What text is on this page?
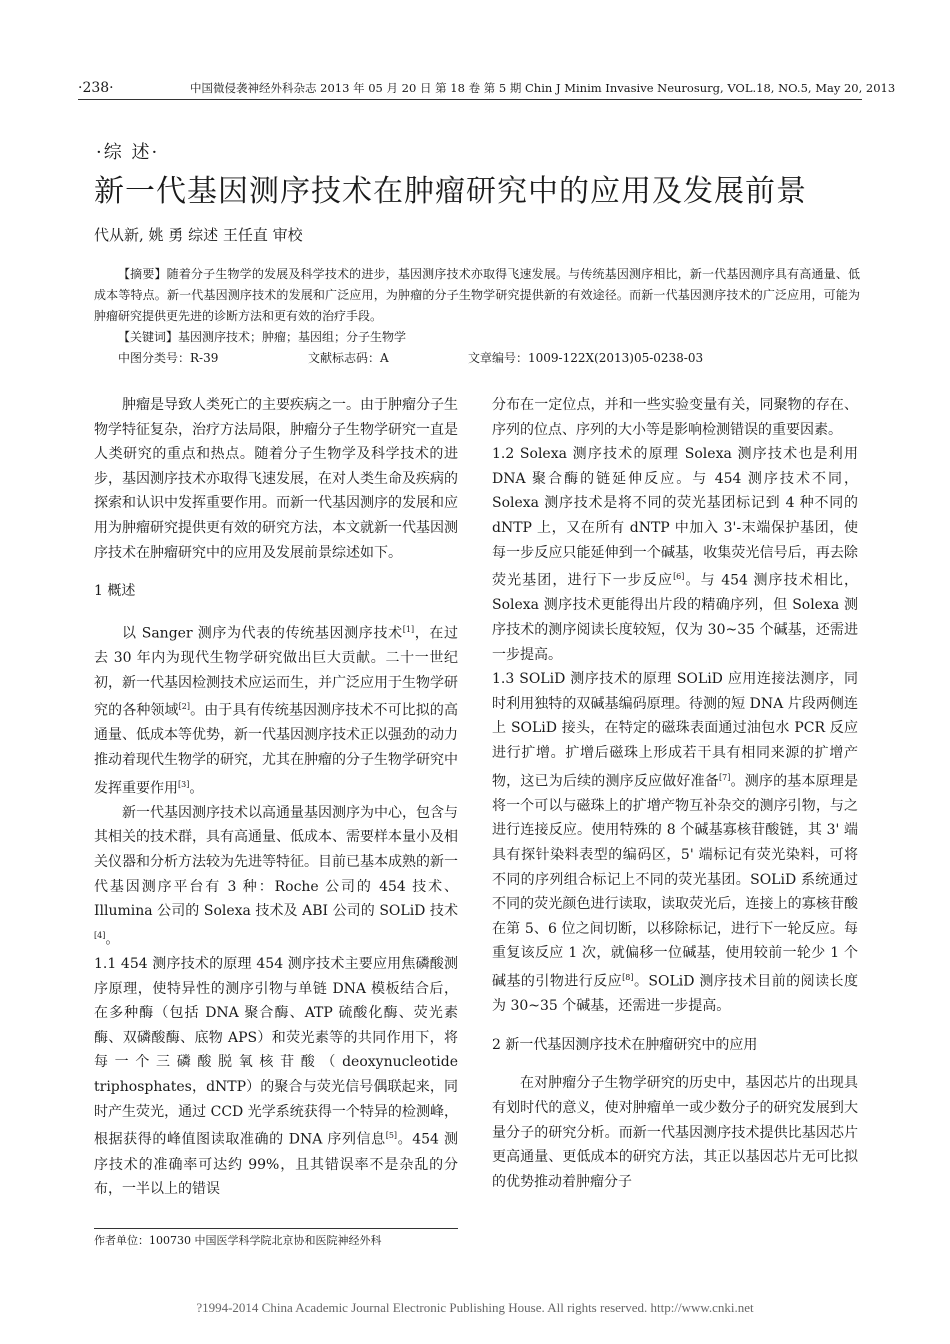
·238·	中国微侵袭神经外科杂志 2013 年 05 月 20 日 第 18 卷 第 5 期 Chin J Minim Invasive Neurosurg, VOL.18, NO.5, May 20, 2013
·综 述·
新一代基因测序技术在肿瘤研究中的应用及发展前景
代从新, 姚 勇 综述 王任直 审校

【摘要】随着分子生物学的发展及科学技术的进步，基因测序技术亦取得飞速发展。与传统基因测序相比，新一代基因测序具有高通量、低成本等特点。新一代基因测序技术的发展和广泛应用，为肿瘤的分子生物学研究提供新的有效途径。而新一代基因测序技术的广泛应用，可能为肿瘤研究提供更先进的诊断方法和更有效的治疗手段。

【关键词】基因测序技术；肿瘤；基因组；分子生物学

中图分类号：R-39	文献标志码：A	文章编号：1009-122X(2013)05-0238-03

肿瘤是导致人类死亡的主要疾病之一。由于肿瘤分子生物学特征复杂，治疗方法局限，肿瘤分子生物学研究一直是人类研究的重点和热点。随着分子生物学及科学技术的进步，基因测序技术亦取得飞速发展，在对人类生命及疾病的探索和认识中发挥重要作用。而新一代基因测序的发展和应用为肿瘤研究提供更有效的研究方法，本文就新一代基因测序技术在肿瘤研究中的应用及发展前景综述如下。

1 概述

以 Sanger 测序为代表的传统基因测序技术[1]，在过去 30 年内为现代生物学研究做出巨大贡献。二十一世纪初，新一代基因检测技术应运而生，并广泛应用于生物学研究的各种领域[2]。由于具有传统基因测序技术不可比拟的高通量、低成本等优势，新一代基因测序技术正以强劲的动力推动着现代生物学的研究，尤其在肿瘤的分子生物学研究中发挥重要作用[3]。

新一代基因测序技术以高通量基因测序为中心，包含与其相关的技术群，具有高通量、低成本、需要样本量小及相关仪器和分析方法较为先进等特征。目前已基本成熟的新一代基因测序平台有 3 种：Roche 公司的 454 技术、Illumina 公司的 Solexa 技术及 ABI 公司的 SOLiD 技术[4]。

1.1 454 测序技术的原理 454 测序技术主要应用焦磷酸测序原理，使特异性的测序引物与单链 DNA 模板结合后，在多种酶（包括 DNA 聚合酶、ATP 硫酸化酶、荧光素酶、双磷酸酶、底物 APS）和荧光素等的共同作用下，将每一个三磷酸脱氧核苷酸（deoxynucleotide triphosphates，dNTP）的聚合与荧光信号偶联起来，同时产生荧光，通过 CCD 光学系统获得一个特异的检测峰，根据获得的峰值图读取准确的 DNA 序列信息[5]。454 测序技术的准确率可达约 99%，且其错误率不是杂乱的分布，一半以上的错误

分布在一定位点，并和一些实验变量有关，同聚物的存在、序列的位点、序列的大小等是影响检测错误的重要因素。

1.2 Solexa 测序技术的原理 Solexa 测序技术也是利用 DNA 聚合酶的链延伸反应。与 454 测序技术不同，Solexa 测序技术是将不同的荧光基团标记到 4 种不同的 dNTP 上，又在所有 dNTP 中加入 3'-末端保护基团，使每一步反应只能延伸到一个碱基，收集荧光信号后，再去除荧光基团，进行下一步反应[6]。与 454 测序技术相比，Solexa 测序技术更能得出片段的精确序列，但 Solexa 测序技术的测序阅读长度较短，仅为 30~35 个碱基，还需进一步提高。

1.3 SOLiD 测序技术的原理 SOLiD 应用连接法测序，同时利用独特的双碱基编码原理。待测的短 DNA 片段两侧连上 SOLiD 接头，在特定的磁珠表面通过油包水 PCR 反应进行扩增。扩增后磁珠上形成若干具有相同来源的扩增产物，这已为后续的测序反应做好准备[7]。测序的基本原理是将一个可以与磁珠上的扩增产物互补杂交的测序引物，与之进行连接反应。使用特殊的 8 个碱基寡核苷酸链，其 3' 端具有探针染料表型的编码区，5' 端标记有荧光染料，可将不同的序列组合标记上不同的荧光基团。SOLiD 系统通过不同的荧光颜色进行读取，读取荧光后，连接上的寡核苷酸在第 5、6 位之间切断，以移除标记，进行下一轮反应。每重复该反应 1 次，就偏移一位碱基，使用较前一轮少 1 个碱基的引物进行反应[8]。SOLiD 测序技术目前的阅读长度为 30~35 个碱基，还需进一步提高。

2 新一代基因测序技术在肿瘤研究中的应用

在对肿瘤分子生物学研究的历史中，基因芯片的出现具有划时代的意义，使对肿瘤单一或少数分子的研究发展到大量分子的研究分析。而新一代基因测序技术提供比基因芯片更高通量、更低成本的研究方法，其正以基因芯片无可比拟的优势推动着肿瘤分子

作者单位：100730 中国医学科学院北京协和医院神经外科
?1994-2014 China Academic Journal Electronic Publishing House. All rights reserved. http://www.cnki.net
